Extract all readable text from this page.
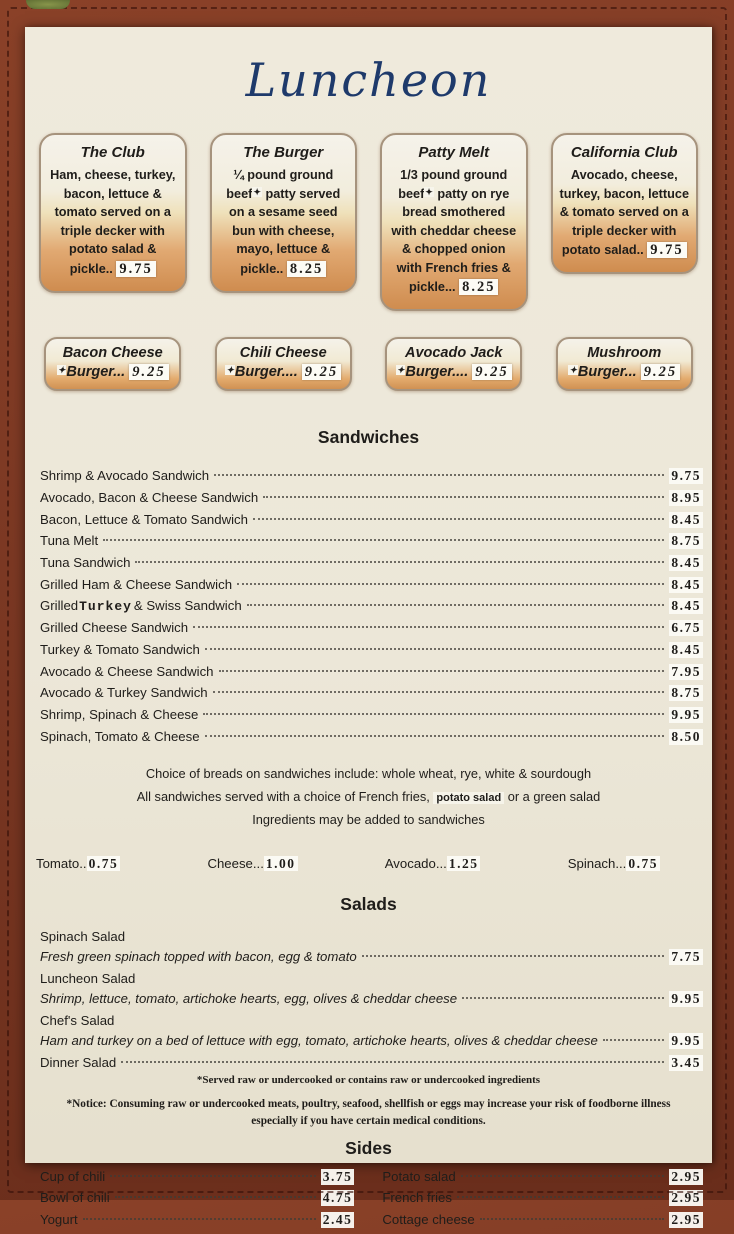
Luncheon
The Club
Ham, cheese, turkey, bacon, lettuce & tomato served on a triple decker with potato salad & pickle.. 9.75
The Burger
¼ pound ground beef✦ patty served on a sesame seed bun with cheese, mayo, lettuce & pickle.. 8.25
Patty Melt
1/3 pound ground beef✦ patty on rye bread smothered with cheddar cheese & chopped onion with French fries & pickle... 8.25
California Club
Avocado, cheese, turkey, bacon, lettuce & tomato served on a triple decker with potato salad.. 9.75
Bacon Cheese
✦Burger... 9.25
Chili Cheese
✦Burger.... 9.25
Avocado Jack
✦Burger.... 9.25
Mushroom
✦Burger... 9.25
Sandwiches
Shrimp & Avocado Sandwich	9.75
Avocado, Bacon & Cheese Sandwich	8.95
Bacon, Lettuce & Tomato Sandwich	8.45
Tuna Melt	8.75
Tuna Sandwich	8.45
Grilled Ham & Cheese Sandwich	8.45
GrilledTurkey & Swiss Sandwich	8.45
Grilled Cheese Sandwich	6.75
Turkey & Tomato Sandwich	8.45
Avocado & Cheese Sandwich	7.95
Avocado & Turkey Sandwich	8.75
Shrimp, Spinach & Cheese	9.95
Spinach, Tomato & Cheese	8.50
Choice of breads on sandwiches include: whole wheat, rye, white & sourdough
All sandwiches served with a choice of French fries, potato salad or a green salad
Ingredients may be added to sandwiches
Tomato.. 0.75	Cheese... 1.00	Avocado... 1.25	Spinach... 0.75
Salads
Spinach Salad
Fresh green spinach topped with bacon, egg & tomato	7.75
Luncheon Salad
Shrimp, lettuce, tomato, artichoke hearts, egg, olives & cheddar cheese	9.95
Chef's Salad
Ham and turkey on a bed of lettuce with egg, tomato, artichoke hearts, olives & cheddar cheese	9.95
Dinner Salad	3.45
*Served raw or undercooked or contains raw or undercooked ingredients
*Notice: Consuming raw or undercooked meats, poultry, seafood, shellfish or eggs may increase your risk of foodborne illness especially if you have certain medical conditions.
Sides
Cup of chili	3.75
Bowl of chili	4.75
Yogurt	2.45
Potato salad	2.95
French fries	2.95
Cottage cheese	2.95
